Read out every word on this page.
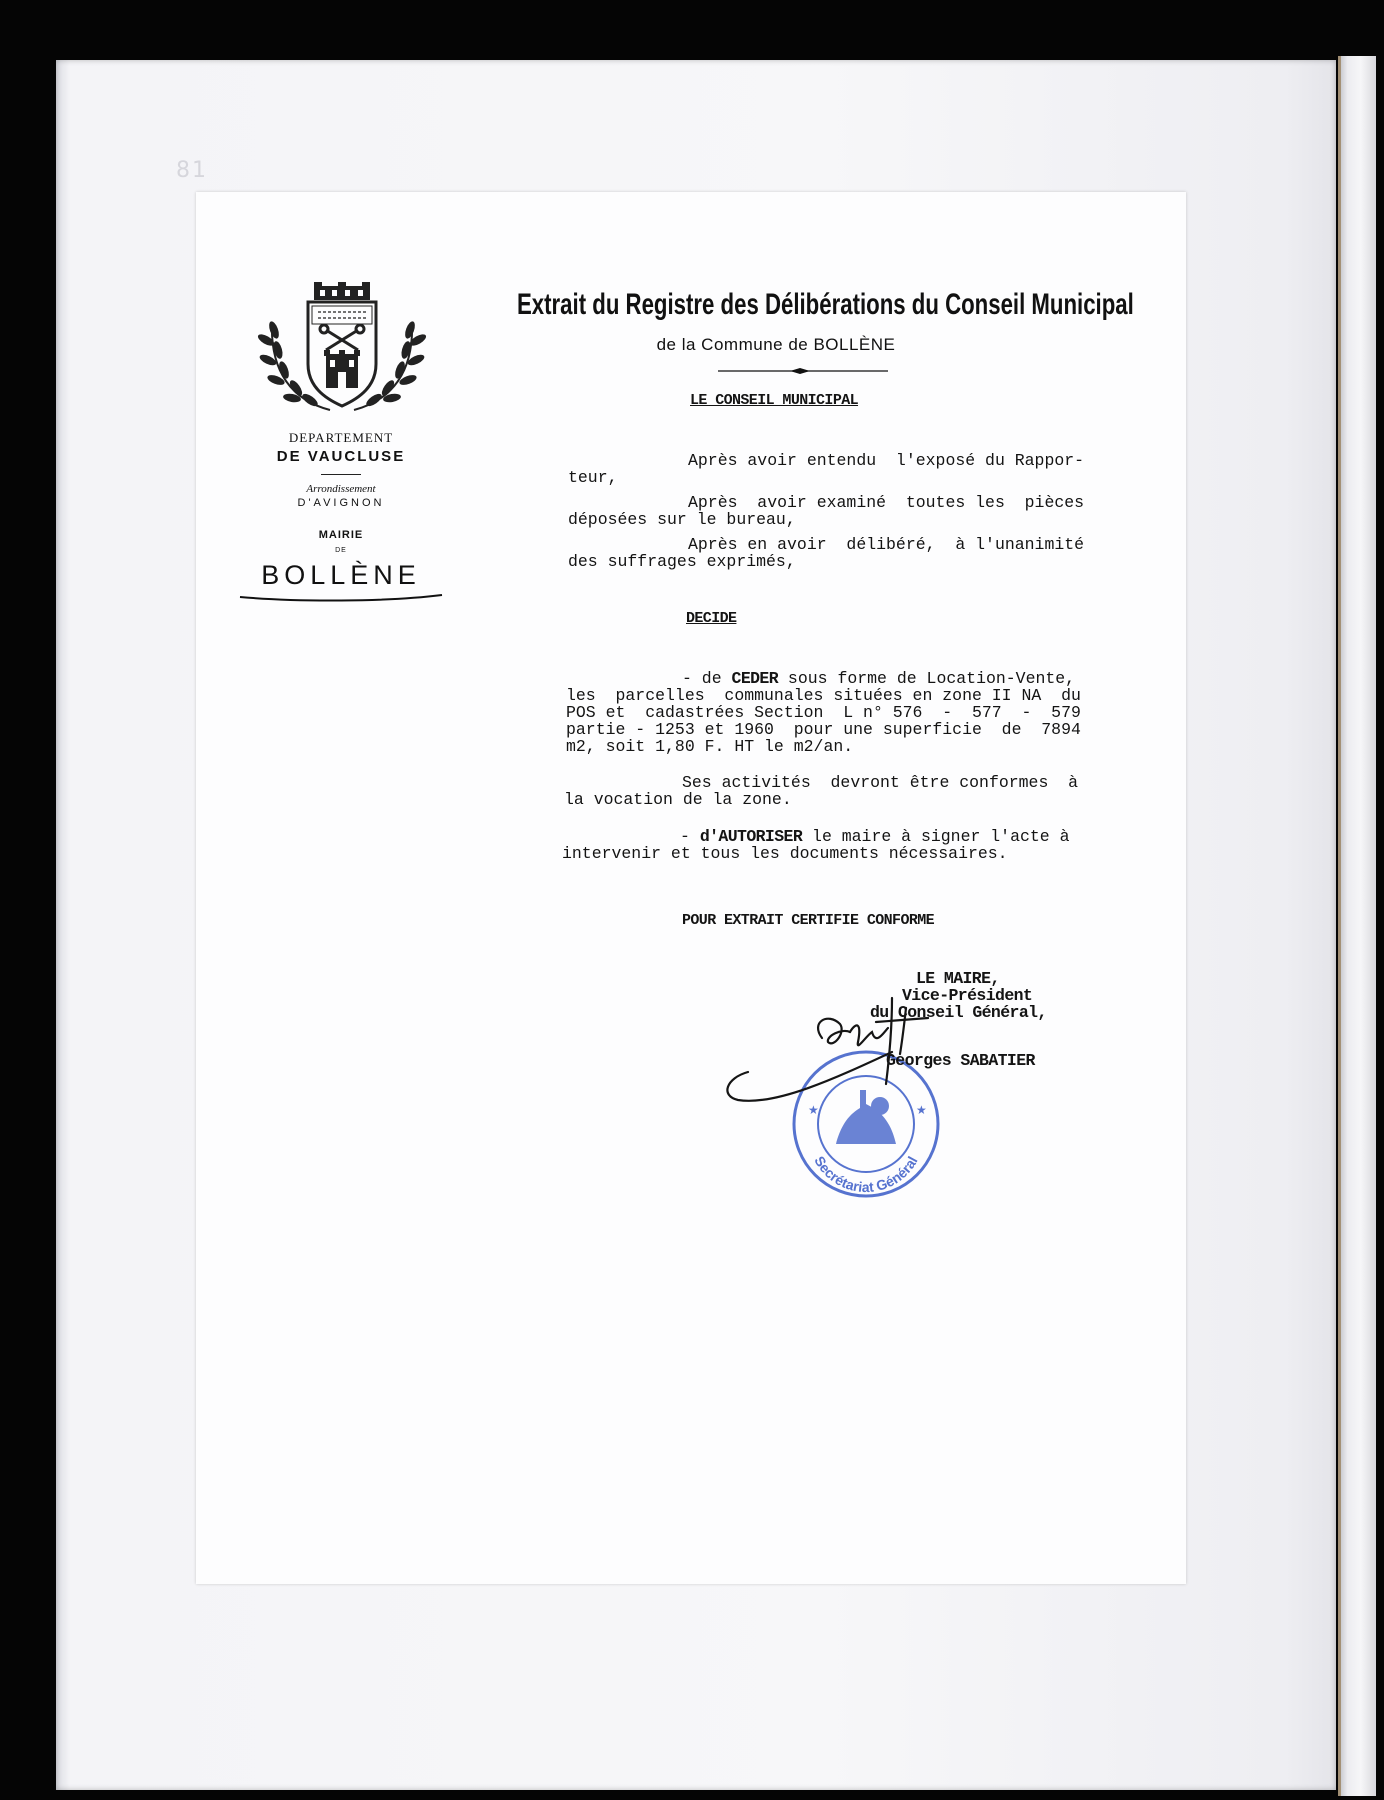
81
DEPARTEMENT
DE VAUCLUSE
Arrondissement
D'AVIGNON
MAIRIE
DE
BOLLÈNE
Extrait du Registre des Délibérations du Conseil Municipal
de la Commune de BOLLÈNE
LE CONSEIL MUNICIPAL
Après avoir entendu  l'exposé du Rappor-
teur,
Après  avoir examiné  toutes les  pièces
déposées sur le bureau,
Après en avoir  délibéré,  à l'unanimité
des suffrages exprimés,
DECIDE
- de CEDER sous forme de Location-Vente,
les  parcelles  communales situées en zone II NA  du
POS et  cadastrées Section  L n° 576  -  577  -  579
partie - 1253 et 1960  pour une superficie  de  7894
m2, soit 1,80 F. HT le m2/an.
Ses activités  devront être conformes  à
la vocation de la zone.
- d'AUTORISER le maire à signer l'acte à
intervenir et tous les documents nécessaires.
POUR EXTRAIT CERTIFIE CONFORME
Secrétariat Général
★	★
LE MAIRE,
Vice-Président
du Conseil Général,
Georges SABATIER
